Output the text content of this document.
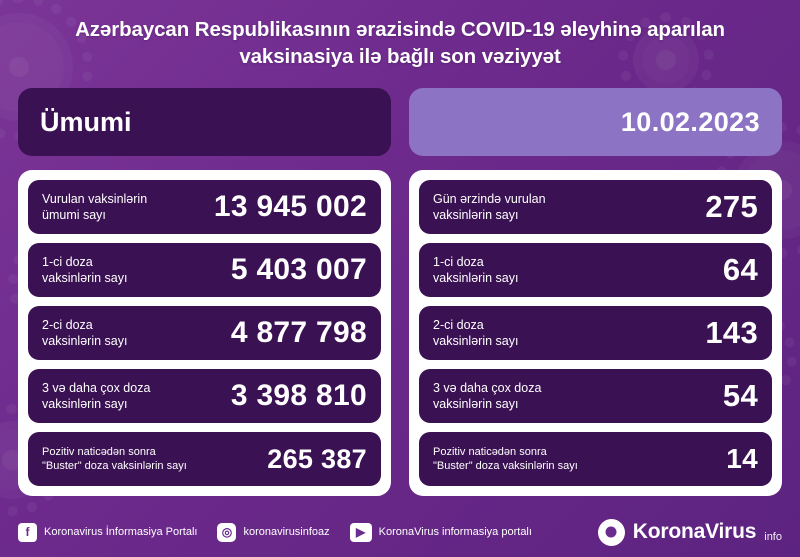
Azərbaycan Respublikasının ərazisində COVID-19 əleyhinə aparılan
vaksinasiya ilə bağlı son vəziyyət
Ümumi
Vurulan vaksinlərin
ümumi sayı	13 945 002
1-ci doza
vaksinlərin sayı	5 403 007
2-ci doza
vaksinlərin sayı	4 877 798
3 və daha çox doza
vaksinlərin sayı	3 398 810
Pozitiv naticədən sonra
"Buster" doza vaksinlərin sayı	265 387
10.02.2023
Gün ərzində vurulan
vaksinlərin sayı	275
1-ci doza
vaksinlərin sayı	64
2-ci doza
vaksinlərin sayı	143
3 və daha çox doza
vaksinlərin sayı	54
Pozitiv naticədən sonra
"Buster" doza vaksinlərin sayı	14
f	Koronavirus İnformasiya Portalı	◎	koronavirusinfoaz	▶	KoronaVirus informasiya portalı	KoronaVirus info
